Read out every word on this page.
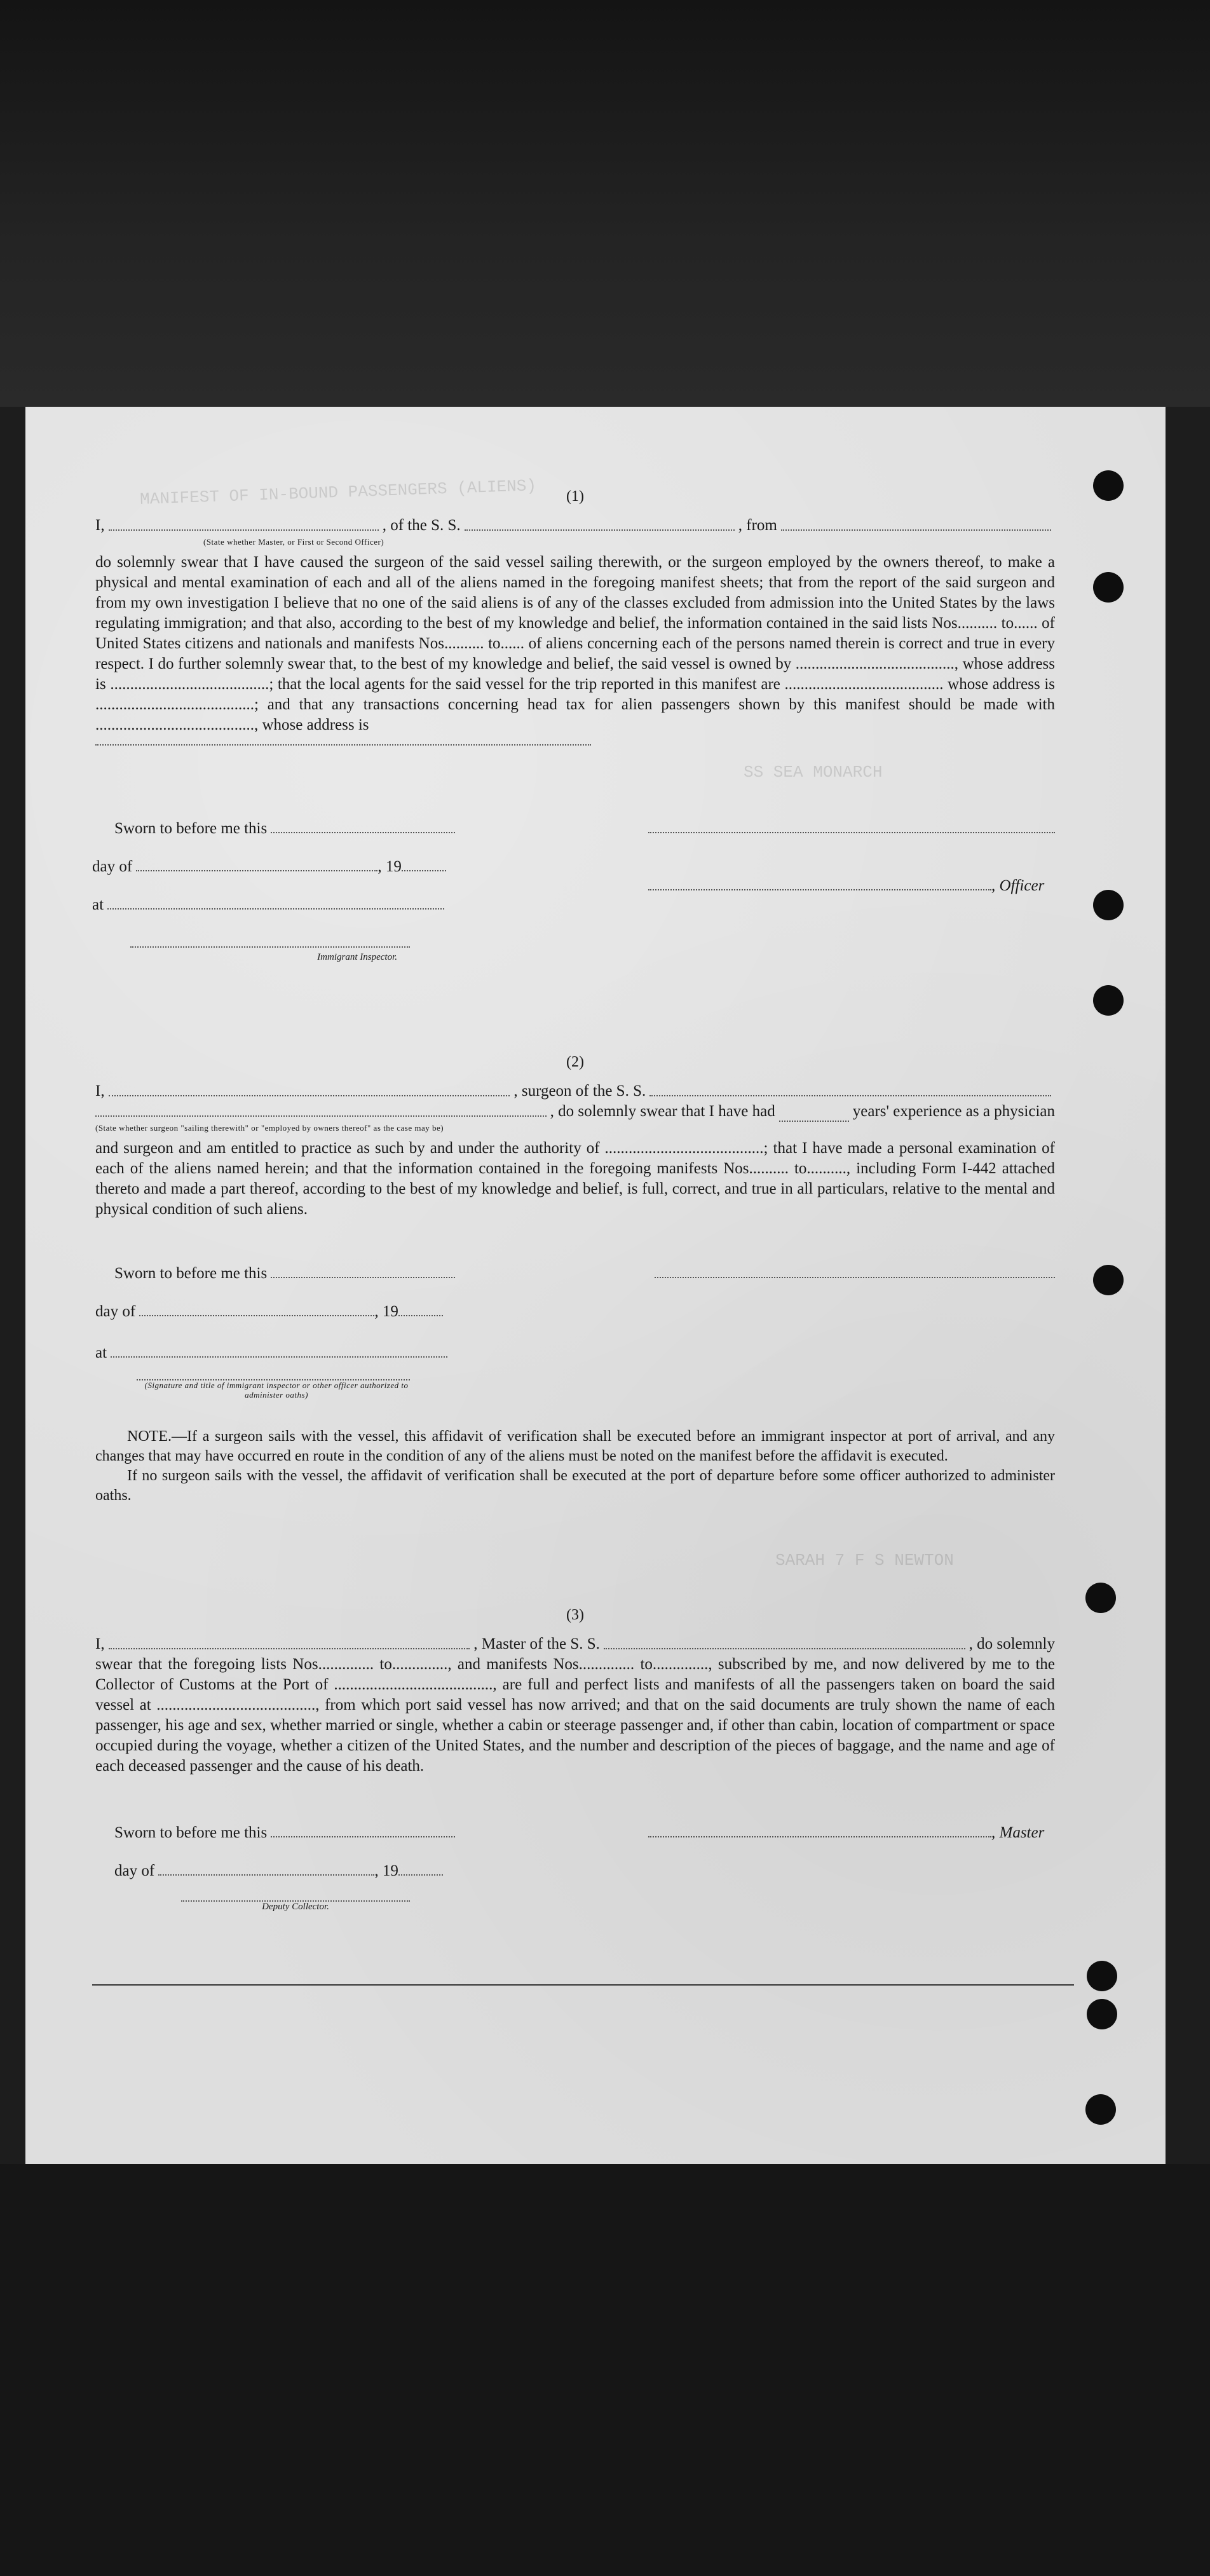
MANIFEST OF IN-BOUND PASSENGERS (ALIENS)
SS SEA MONARCH
SARAH 7 F S NEWTON
(1)
I,	, of the S. S.	, from
(State whether Master, or First or Second Officer)
do solemnly swear that I have caused the surgeon of the said vessel sailing therewith, or the surgeon employed by the owners thereof, to make a physical and mental examination of each and all of the aliens named in the foregoing manifest sheets; that from the report of the said surgeon and from my own investigation I believe that no one of the said aliens is of any of the classes excluded from admission into the United States by the laws regulating immigration; and that also, according to the best of my knowledge and belief, the information contained in the said lists Nos.......... to...... of United States citizens and nationals and manifests Nos.......... to...... of aliens concerning each of the persons named therein is correct and true in every respect. I do further solemnly swear that, to the best of my knowledge and belief, the said vessel is owned by ........................................, whose address is ........................................; that the local agents for the said vessel for the trip reported in this manifest are ........................................ whose address is ........................................; and that any transactions concerning head tax for alien passengers shown by this manifest should be made with ........................................, whose address is
Sworn to before me this
day of	, 19
, Officer
at
Immigrant Inspector.
(2)
I,	, surgeon of the S. S.
, do solemnly swear that I have had	years' experience as a physician
(State whether surgeon "sailing therewith" or "employed by owners thereof" as the case may be)
and surgeon and am entitled to practice as such by and under the authority of ........................................; that I have made a personal examination of each of the aliens named herein; and that the information contained in the foregoing manifests Nos.......... to.........., including Form I-442 attached thereto and made a part thereof, according to the best of my knowledge and belief, is full, correct, and true in all particulars, relative to the mental and physical condition of such aliens.
Sworn to before me this
day of	, 19
at
(Signature and title of immigrant inspector or other officer authorized to administer oaths)
NOTE.—If a surgeon sails with the vessel, this affidavit of verification shall be executed before an immigrant inspector at port of arrival, and any changes that may have occurred en route in the condition of any of the aliens must be noted on the manifest before the affidavit is executed.
If no surgeon sails with the vessel, the affidavit of verification shall be executed at the port of departure before some officer authorized to administer oaths.
(3)
I,	, Master of the S. S.	, do solemnly
swear that the foregoing lists Nos.............. to.............., and manifests Nos.............. to.............., subscribed by me, and now delivered by me to the Collector of Customs at the Port of ........................................, are full and perfect lists and manifests of all the passengers taken on board the said vessel at ........................................, from which port said vessel has now arrived; and that on the said documents are truly shown the name of each passenger, his age and sex, whether married or single, whether a cabin or steerage passenger and, if other than cabin, location of compartment or space occupied during the voyage, whether a citizen of the United States, and the number and description of the pieces of baggage, and the name and age of each deceased passenger and the cause of his death.
Sworn to before me this	, Master
day of	, 19
Deputy Collector.
